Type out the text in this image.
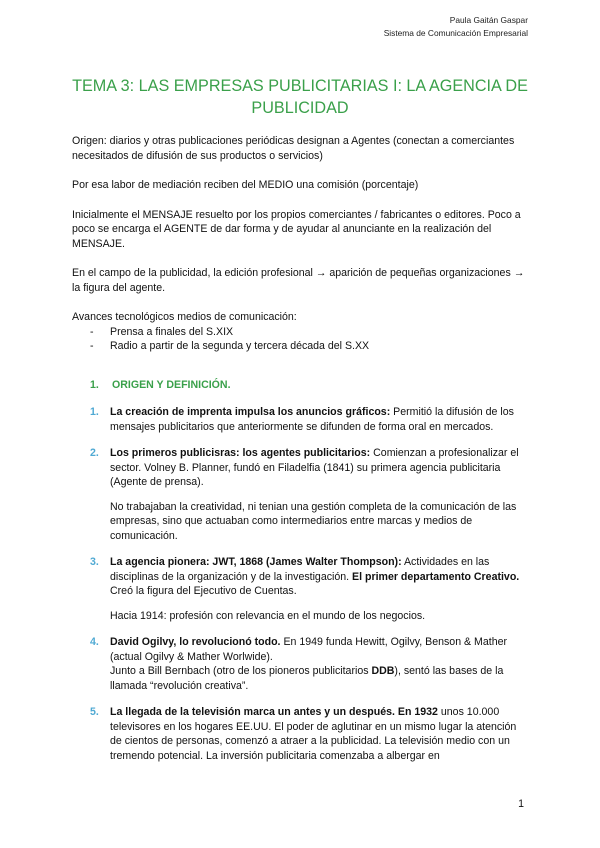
Paula Gaitán Gaspar
Sistema de Comunicación Empresarial
TEMA 3: LAS EMPRESAS PUBLICITARIAS I: LA AGENCIA DE PUBLICIDAD

Origen: diarios y otras publicaciones periódicas designan a Agentes (conectan a comerciantes necesitados de difusión de sus productos o servicios)

Por esa labor de mediación reciben del MEDIO una comisión (porcentaje)

Inicialmente el MENSAJE resuelto por los propios comerciantes / fabricantes o editores. Poco a poco se encarga el AGENTE de dar forma y de ayudar al anunciante en la realización del MENSAJE.

En el campo de la publicidad, la edición profesional → aparición de pequeñas organizaciones → la figura del agente.

Avances tecnológicos medios de comunicación:

- Prensa a finales del S.XIX
- Radio a partir de la segunda y tercera década del S.XX
1. ORIGEN Y DEFINICIÓN.
1. La creación de imprenta impulsa los anuncios gráficos: Permitió la difusión de los mensajes publicitarios que anteriormente se difunden de forma oral en mercados.

2. Los primeros publicisras: los agentes publicitarios: Comienzan a profesionalizar el sector. Volney B. Planner, fundó en Filadelfia (1841) su primera agencia publicitaria (Agente de prensa).

No trabajaban la creatividad, ni tenian una gestión completa de la comunicación de las empresas, sino que actuaban como intermediarios entre marcas y medios de comunicación.

3. La agencia pionera: JWT, 1868 (James Walter Thompson): Actividades en las disciplinas de la organización y de la investigación. El primer departamento Creativo. Creó la figura del Ejecutivo de Cuentas.

Hacia 1914: profesión con relevancia en el mundo de los negocios.

4. David Ogilvy, lo revolucionó todo. En 1949 funda Hewitt, Ogilvy, Benson & Mather (actual Ogilvy & Mather Worlwide).

Junto a Bill Bernbach (otro de los pioneros publicitarios DDB), sentó las bases de la llamada “revolución creativa”.

5. La llegada de la televisión marca un antes y un después. En 1932 unos 10.000 televisores en los hogares EE.UU. El poder de aglutinar en un mismo lugar la atención de cientos de personas, comenzó a atraer a la publicidad. La televisión medio con un tremendo potencial. La inversión publicitaria comenzaba a albergar en

1
